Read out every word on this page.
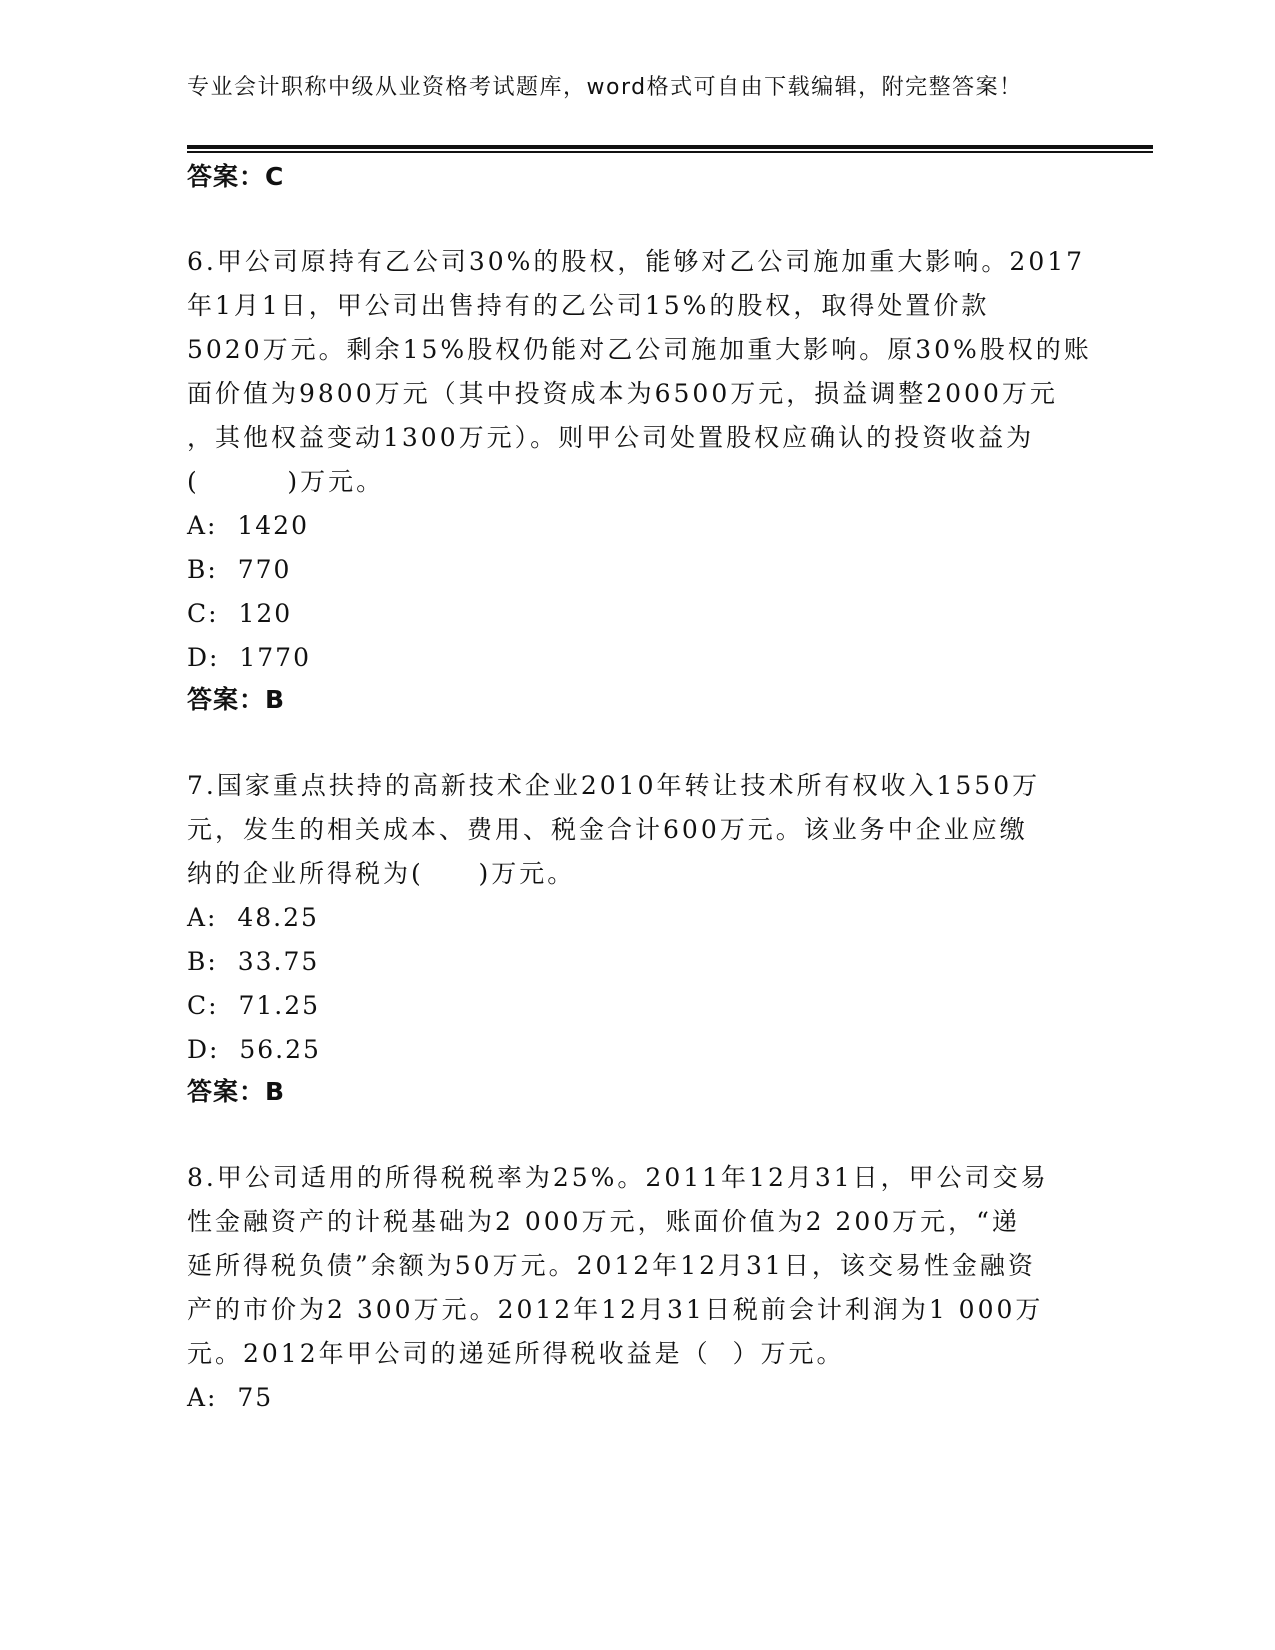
专业会计职称中级从业资格考试题库，word格式可自由下载编辑，附完整答案！
答案：C
6.甲公司原持有乙公司30%的股权，能够对乙公司施加重大影响。2017
年1月1日，甲公司出售持有的乙公司15%的股权，取得处置价款
5020万元。剩余15%股权仍能对乙公司施加重大影响。原30%股权的账
面价值为9800万元（其中投资成本为6500万元，损益调整2000万元
，其他权益变动1300万元）。则甲公司处置股权应确认的投资收益为
(        )万元。
A:  1420
B:  770
C:  120
D:  1770
答案：B
7.国家重点扶持的高新技术企业2010年转让技术所有权收入1550万
元，发生的相关成本、费用、税金合计600万元。该业务中企业应缴
纳的企业所得税为(     )万元。
A:  48.25
B:  33.75
C:  71.25
D:  56.25
答案：B
8.甲公司适用的所得税税率为25%。2011年12月31日，甲公司交易
性金融资产的计税基础为2 000万元，账面价值为2 200万元，“递
延所得税负债”余额为50万元。2012年12月31日，该交易性金融资
产的市价为2 300万元。2012年12月31日税前会计利润为1 000万
元。2012年甲公司的递延所得税收益是（  ）万元。
A:  75
